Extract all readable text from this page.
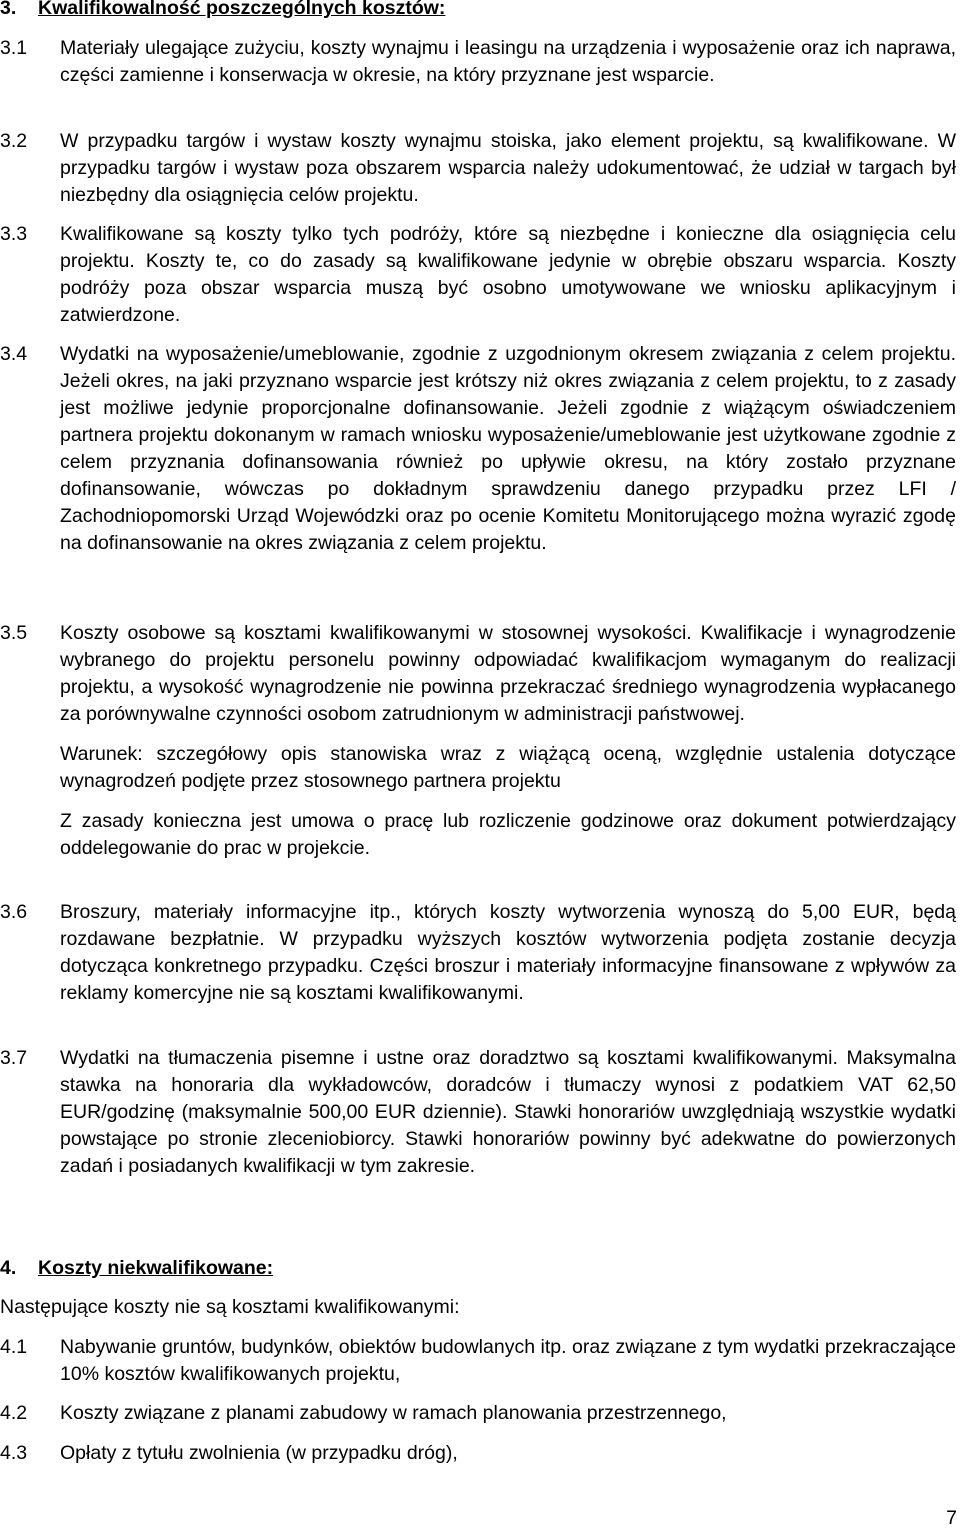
3. Kwalifikowalność poszczególnych kosztów:
3.1 Materiały ulegające zużyciu, koszty wynajmu i leasingu na urządzenia i wyposażenie oraz ich naprawa, części zamienne i konserwacja w okresie, na który przyznane jest wsparcie.

3.2 W przypadku targów i wystaw koszty wynajmu stoiska, jako element projektu, są kwalifikowane. W przypadku targów i wystaw poza obszarem wsparcia należy udokumentować, że udział w targach był niezbędny dla osiągnięcia celów projektu.

3.3 Kwalifikowane są koszty tylko tych podróży, które są niezbędne i konieczne dla osiągnięcia celu projektu. Koszty te, co do zasady są kwalifikowane jedynie w obrębie obszaru wsparcia. Koszty podróży poza obszar wsparcia muszą być osobno umotywowane we wniosku aplikacyjnym i zatwierdzone.

3.4 Wydatki na wyposażenie/umeblowanie, zgodnie z uzgodnionym okresem związania z celem projektu. Jeżeli okres, na jaki przyznano wsparcie jest krótszy niż okres związania z celem projektu, to z zasady jest możliwe jedynie proporcjonalne dofinansowanie. Jeżeli zgodnie z wiążącym oświadczeniem partnera projektu dokonanym w ramach wniosku wyposażenie/umeblowanie jest użytkowane zgodnie z celem przyznania dofinansowania również po upływie okresu, na który zostało przyznane dofinansowanie, wówczas po dokładnym sprawdzeniu danego przypadku przez LFI / Zachodniopomorski Urząd Wojewódzki oraz po ocenie Komitetu Monitorującego można wyrazić zgodę na dofinansowanie na okres związania z celem projektu.

3.5 Koszty osobowe są kosztami kwalifikowanymi w stosownej wysokości. Kwalifikacje i wynagrodzenie wybranego do projektu personelu powinny odpowiadać kwalifikacjom wymaganym do realizacji projektu, a wysokość wynagrodzenie nie powinna przekraczać średniego wynagrodzenia wypłacanego za porównywalne czynności osobom zatrudnionym w administracji państwowej.

Warunek: szczegółowy opis stanowiska wraz z wiążącą oceną, względnie ustalenia dotyczące wynagrodzeń podjęte przez stosownego partnera projektu

Z zasady konieczna jest umowa o pracę lub rozliczenie godzinowe oraz dokument potwierdzający oddelegowanie do prac w projekcie.

3.6 Broszury, materiały informacyjne itp., których koszty wytworzenia wynoszą do 5,00 EUR, będą rozdawane bezpłatnie. W przypadku wyższych kosztów wytworzenia podjęta zostanie decyzja dotycząca konkretnego przypadku. Części broszur i materiały informacyjne finansowane z wpływów za reklamy komercyjne nie są kosztami kwalifikowanymi.

3.7 Wydatki na tłumaczenia pisemne i ustne oraz doradztwo są kosztami kwalifikowanymi. Maksymalna stawka na honoraria dla wykładowców, doradców i tłumaczy wynosi z podatkiem VAT 62,50 EUR/godzinę (maksymalnie 500,00 EUR dziennie). Stawki honorariów uwzględniają wszystkie wydatki powstające po stronie zleceniobiorcy. Stawki honorariów powinny być adekwatne do powierzonych zadań i posiadanych kwalifikacji w tym zakresie.

4. Koszty niekwalifikowane:
Następujące koszty nie są kosztami kwalifikowanymi:
4.1 Nabywanie gruntów, budynków, obiektów budowlanych itp. oraz związane z tym wydatki przekraczające 10% kosztów kwalifikowanych projektu,

4.2 Koszty związane z planami zabudowy w ramach planowania przestrzennego,

4.3 Opłaty z tytułu zwolnienia (w przypadku dróg),

7
